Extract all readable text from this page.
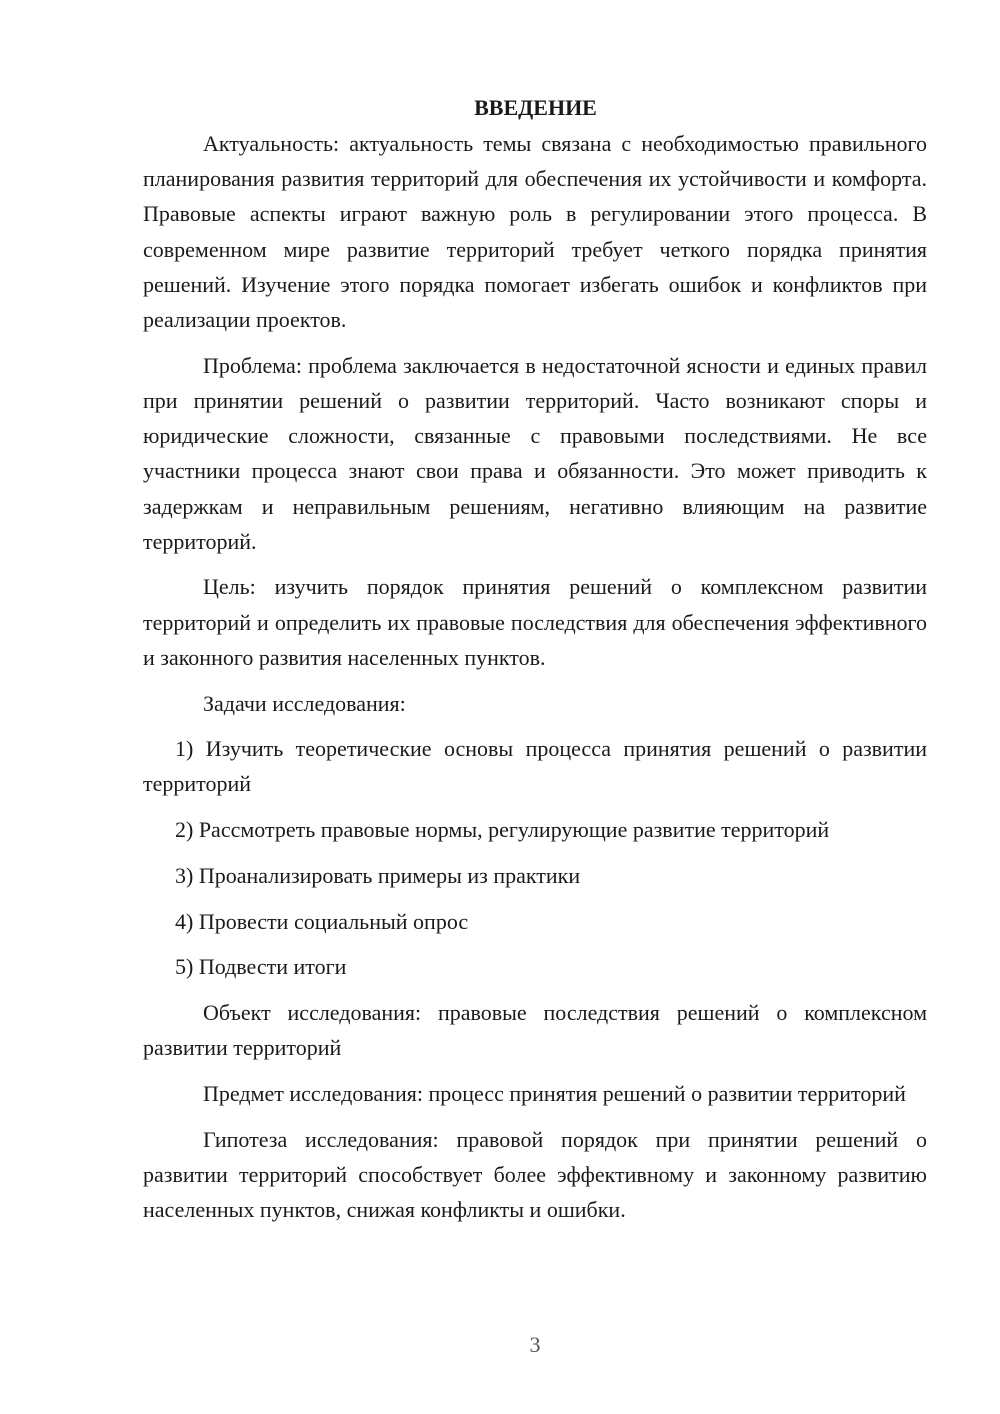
ВВЕДЕНИЕ

Актуальность: актуальность темы связана с необходимостью правильного планирования развития территорий для обеспечения их устойчивости и комфорта. Правовые аспекты играют важную роль в регулировании этого процесса. В современном мире развитие территорий требует четкого порядка принятия решений. Изучение этого порядка помогает избегать ошибок и конфликтов при реализации проектов.

Проблема: проблема заключается в недостаточной ясности и единых правил при принятии решений о развитии территорий. Часто возникают споры и юридические сложности, связанные с правовыми последствиями. Не все участники процесса знают свои права и обязанности. Это может приводить к задержкам и неправильным решениям, негативно влияющим на развитие территорий.

Цель: изучить порядок принятия решений о комплексном развитии территорий и определить их правовые последствия для обеспечения эффективного и законного развития населенных пунктов.

Задачи исследования:

1) Изучить теоретические основы процесса принятия решений о развитии территорий

2) Рассмотреть правовые нормы, регулирующие развитие территорий

3) Проанализировать примеры из практики

4) Провести социальный опрос

5) Подвести итоги

Объект исследования: правовые последствия решений о комплексном развитии территорий

Предмет исследования: процесс принятия решений о развитии территорий

Гипотеза исследования: правовой порядок при принятии решений о развитии территорий способствует более эффективному и законному развитию населенных пунктов, снижая конфликты и ошибки.

3
